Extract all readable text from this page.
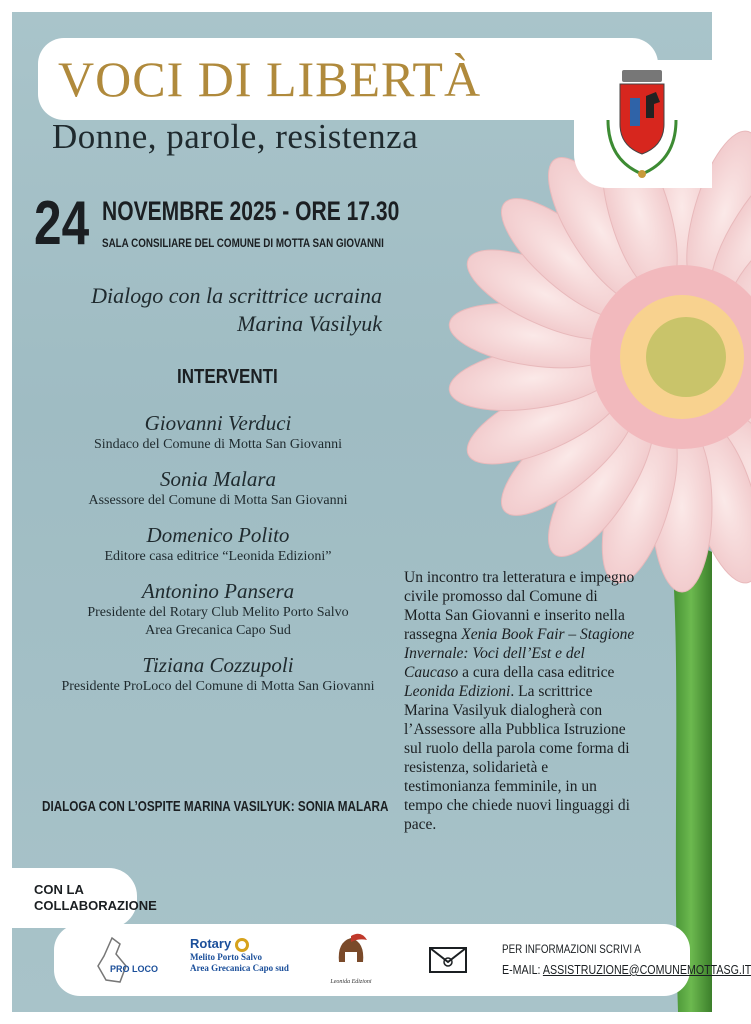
VOCI DI LIBERTÀ
Donne, parole, resistenza
24 NOVEMBRE 2025 - ORE 17.30
SALA CONSILIARE DEL COMUNE DI MOTTA SAN GIOVANNI
Dialogo con la scrittrice ucraina
Marina Vasilyuk
INTERVENTI
Giovanni Verduci
Sindaco del Comune di Motta San Giovanni
Sonia Malara
Assessore del Comune di Motta San Giovanni
Domenico Polito
Editore casa editrice “Leonida Edizioni”
Antonino Pansera
Presidente del Rotary Club Melito Porto Salvo
Area Grecanica Capo Sud
Tiziana Cozzupoli
Presidente ProLoco del Comune di Motta San Giovanni
DIALOGA CON L’OSPITE MARINA VASILYUK: SONIA MALARA
Un incontro tra letteratura e impegno civile promosso dal Comune di Motta San Giovanni e inserito nella rassegna Xenia Book Fair – Stagione Invernale: Voci dell’Est e del Caucaso a cura della casa editrice Leonida Edizioni. La scrittrice Marina Vasilyuk dialogherà con l’Assessore alla Pubblica Istruzione sul ruolo della parola come forma di resistenza, solidarietà e testimonianza femminile, in un tempo che chiede nuovi linguaggi di pace.
CON LA
COLLABORAZIONE
PRO LOCO
Rotary
Melito Porto Salvo
Area Grecanica Capo sud
Leonida Edizioni
PER INFORMAZIONI SCRIVI A
E-MAIL: ASSISTRUZIONE@COMUNEMOTTASG.IT
